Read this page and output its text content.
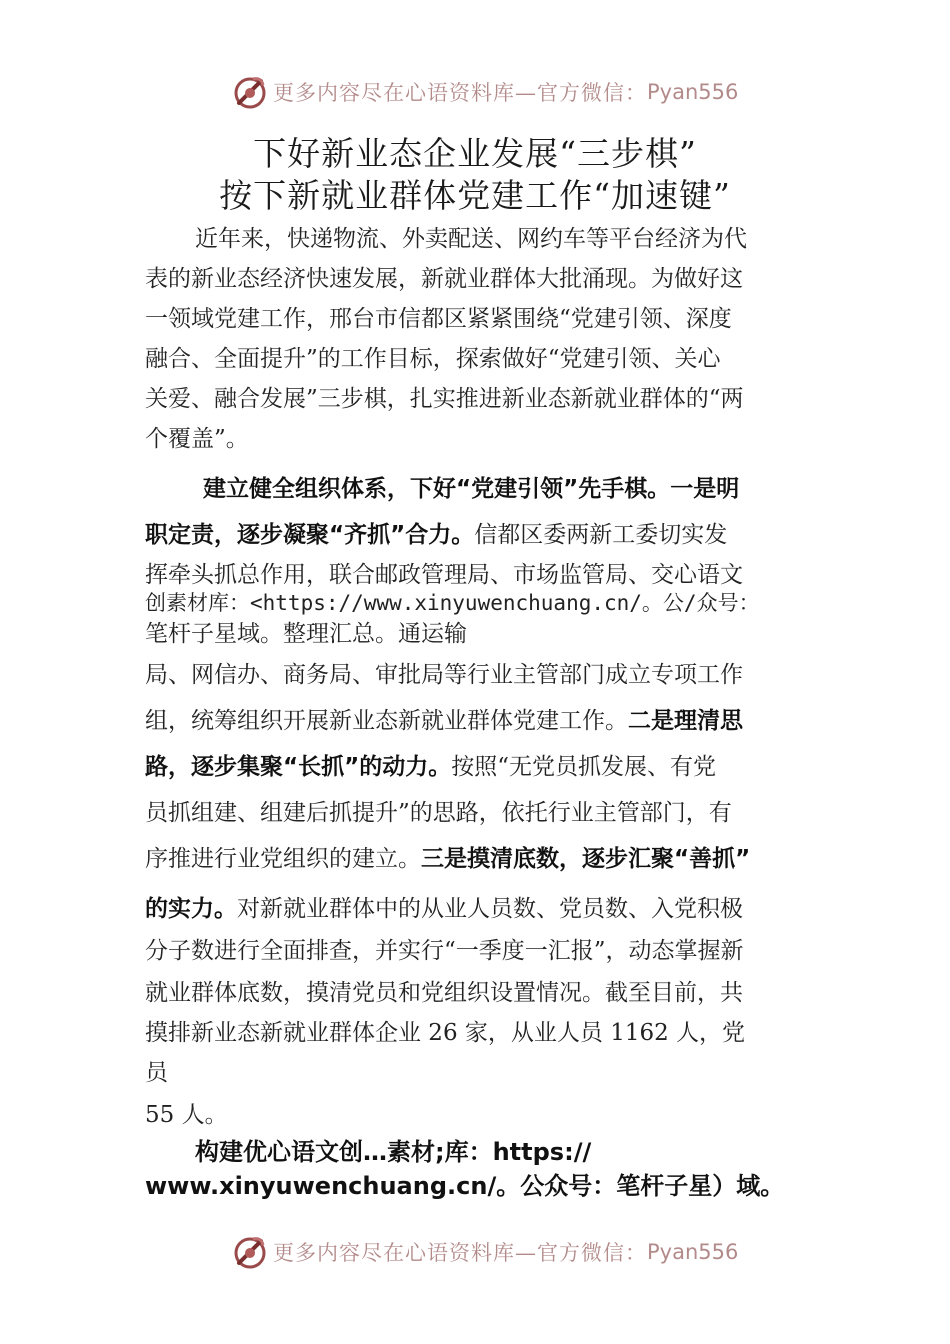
更多内容尽在心语资料库—官方微信： Pyan556
下好新业态企业发展“三步棋”
按下新就业群体党建工作“加速键”
近年来，快递物流、外卖配送、网约车等平台经济为代
表的新业态经济快速发展，新就业群体大批涌现。为做好这
一领域党建工作，邢台市信都区紧紧围绕“党建引领、深度
融合、全面提升”的工作目标，探索做好“党建引领、关心
关爱、融合发展”三步棋，扎实推进新业态新就业群体的“两
个覆盖”。
建立健全组织体系，下好“党建引领”先手棋。一是明
职定责，逐步凝聚“齐抓”合力。信都区委两新工委切实发
挥牵头抓总作用，联合邮政管理局、市场监管局、交心语文
创素材库：<https://www.xinyuwenchuang.cn/。公/众号：
笔杆子星域。整理汇总。通运输
局、网信办、商务局、审批局等行业主管部门成立专项工作
组，统筹组织开展新业态新就业群体党建工作。二是理清思
路，逐步集聚“长抓”的动力。按照“无党员抓发展、有党
员抓组建、组建后抓提升”的思路，依托行业主管部门，有
序推进行业党组织的建立。三是摸清底数，逐步汇聚“善抓”
的实力。对新就业群体中的从业人员数、党员数、入党积极
分子数进行全面排查，并实行“一季度一汇报”，动态掌握新
就业群体底数，摸清党员和党组织设置情况。截至目前，共
摸排新业态新就业群体企业 26 家，从业人员 1162 人，党
员
55 人。
构建优心语文创…素材;库：https://
www.xinyuwenchuang.cn/。公众号：笔杆子星）域。
更多内容尽在心语资料库—官方微信： Pyan556
